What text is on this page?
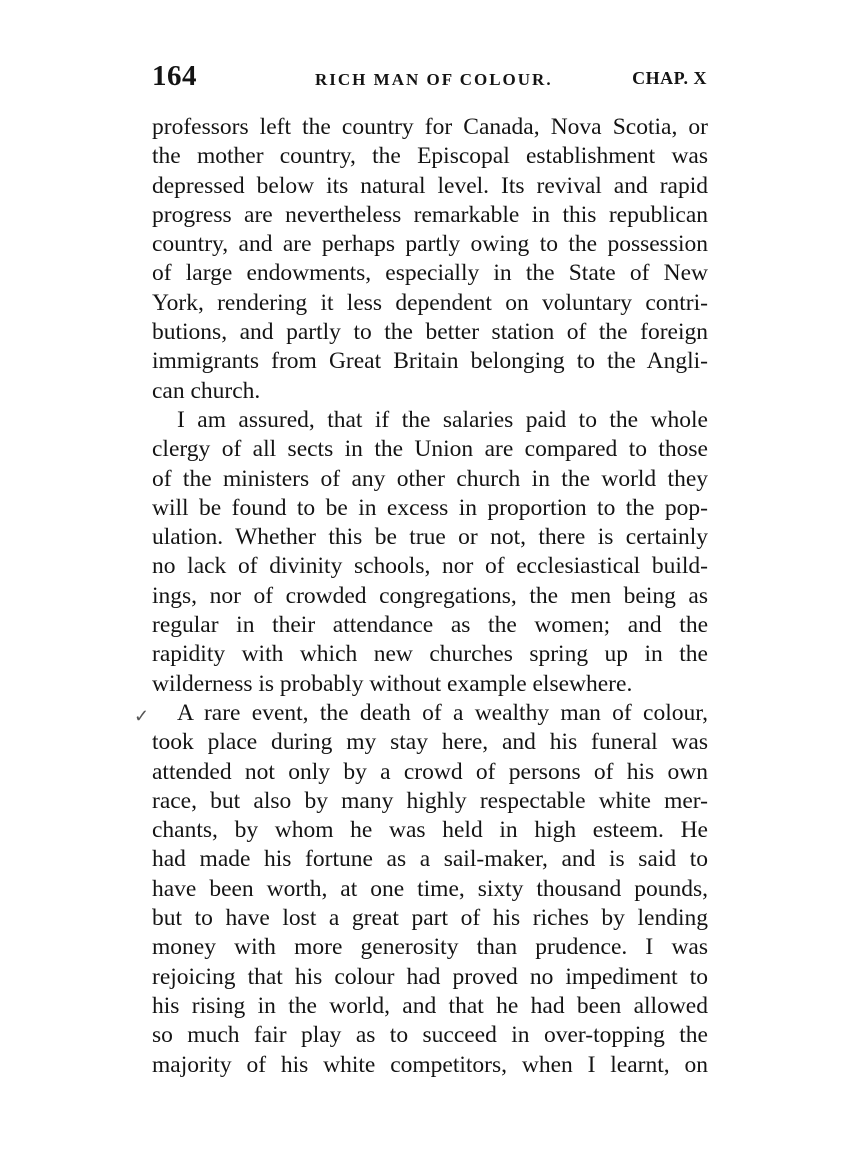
164	RICH MAN OF COLOUR.	CHAP. X
✓
professors left the country for Canada, Nova Scotia, or
the mother country, the Episcopal establishment was
depressed below its natural level. Its revival and rapid
progress are nevertheless remarkable in this republican
country, and are perhaps partly owing to the possession
of large endowments, especially in the State of New
York, rendering it less dependent on voluntary contri-
butions, and partly to the better station of the foreign
immigrants from Great Britain belonging to the Angli-
can church.
I am assured, that if the salaries paid to the whole
clergy of all sects in the Union are compared to those
of the ministers of any other church in the world they
will be found to be in excess in proportion to the pop-
ulation. Whether this be true or not, there is certainly
no lack of divinity schools, nor of ecclesiastical build-
ings, nor of crowded congregations, the men being as
regular in their attendance as the women; and the
rapidity with which new churches spring up in the
wilderness is probably without example elsewhere.
A rare event, the death of a wealthy man of colour,
took place during my stay here, and his funeral was
attended not only by a crowd of persons of his own
race, but also by many highly respectable white mer-
chants, by whom he was held in high esteem. He
had made his fortune as a sail-maker, and is said to
have been worth, at one time, sixty thousand pounds,
but to have lost a great part of his riches by lending
money with more generosity than prudence. I was
rejoicing that his colour had proved no impediment to
his rising in the world, and that he had been allowed
so much fair play as to succeed in over-topping the
majority of his white competitors, when I learnt, on
